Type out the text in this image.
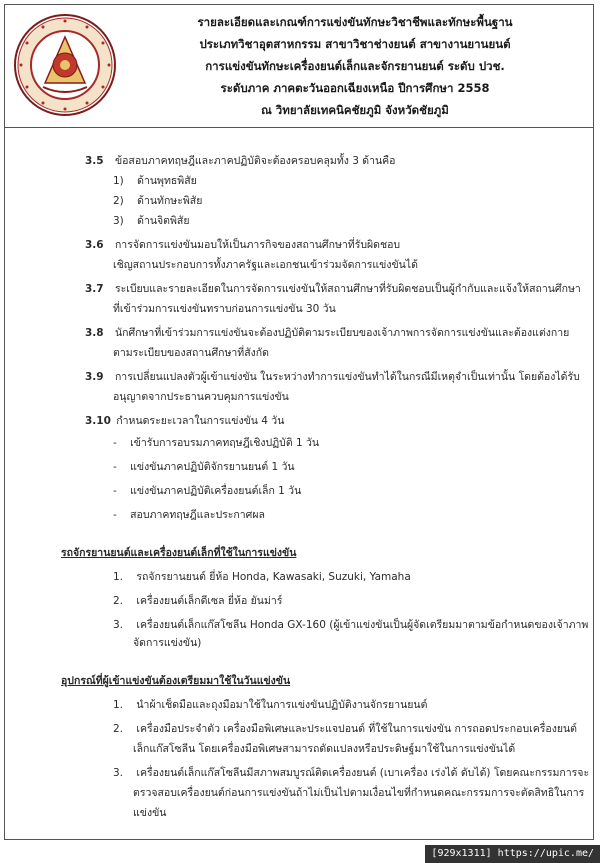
รายละเอียดและเกณฑ์การแข่งขันทักษะวิชาชีพและทักษะพื้นฐาน
ประเภทวิชาอุตสาหกรรม สาขาวิชาช่างยนต์ สาขางานยานยนต์
การแข่งขันทักษะเครื่องยนต์เล็กและจักรยานยนต์ ระดับ ปวช.
ระดับภาค ภาคตะวันออกเฉียงเหนือ ปีการศึกษา 2558
ณ วิทยาลัยเทคนิคชัยภูมิ จังหวัดชัยภูมิ
3.5 ข้อสอบภาคทฤษฎีและภาคปฏิบัติจะต้องครอบคลุมทั้ง 3 ด้านคือ
1) ด้านพุทธพิสัย
2) ด้านทักษะพิสัย
3) ด้านจิตพิสัย
3.6 การจัดการแข่งขันมอบให้เป็นภารกิจของสถานศึกษาที่รับผิดชอบ
เชิญสถานประกอบการทั้งภาครัฐและเอกชนเข้าร่วมจัดการแข่งขันได้
3.7 ระเบียบและรายละเอียดในการจัดการแข่งขันให้สถานศึกษาที่รับผิดชอบเป็นผู้กำกับและแจ้งให้สถานศึกษา
ที่เข้าร่วมการแข่งขันทราบก่อนการแข่งขัน 30 วัน
3.8 นักศึกษาที่เข้าร่วมการแข่งขันจะต้องปฏิบัติตามระเบียบของเจ้าภาพการจัดการแข่งขันและต้องแต่งกาย
ตามระเบียบของสถานศึกษาที่สังกัด
3.9 การเปลี่ยนแปลงตัวผู้เข้าแข่งขัน ในระหว่างทำการแข่งขันทำได้ในกรณีมีเหตุจำเป็นเท่านั้น โดยต้องได้รับ
อนุญาตจากประธานควบคุมการแข่งขัน
3.10 กำหนดระยะเวลาในการแข่งขัน 4 วัน
- เข้ารับการอบรมภาคทฤษฎีเชิงปฏิบัติ 1 วัน
- แข่งขันภาคปฏิบัติจักรยานยนต์ 1 วัน
- แข่งขันภาคปฏิบัติเครื่องยนต์เล็ก 1 วัน
- สอบภาคทฤษฎีและประกาศผล
รถจักรยานยนต์และเครื่องยนต์เล็กที่ใช้ในการแข่งขัน
1. รถจักรยานยนต์ ยี่ห้อ Honda, Kawasaki, Suzuki, Yamaha
2. เครื่องยนต์เล็กดีเซล ยี่ห้อ ยันม่าร์
3. เครื่องยนต์เล็กแก๊สโซลีน Honda GX-160 (ผู้เข้าแข่งขันเป็นผู้จัดเตรียมมาตามข้อกำหนดของเจ้าภาพ
จัดการแข่งขัน)
อุปกรณ์ที่ผู้เข้าแข่งขันต้องเตรียมมาใช้ในวันแข่งขัน
1. นำผ้าเช็ดมือและถุงมือมาใช้ในการแข่งขันปฏิบัติงานจักรยานยนต์
2. เครื่องมือประจำตัว เครื่องมือพิเศษและประแจปอนด์ ที่ใช้ในการแข่งขัน การถอดประกอบเครื่องยนต์
เล็กแก๊สโซลีน โดยเครื่องมือพิเศษสามารถดัดแปลงหรือประดิษฐ์มาใช้ในการแข่งขันได้
3. เครื่องยนต์เล็กแก๊สโซลีนมีสภาพสมบูรณ์ติดเครื่องยนต์ (เบาเครื่อง เร่งได้ ดับได้) โดยคณะกรรมการจะ
ตรวจสอบเครื่องยนต์ก่อนการแข่งขันถ้าไม่เป็นไปตามเงื่อนไขที่กำหนดคณะกรรมการจะตัดสิทธิในการ
แข่งขัน
[929x1311] https://upic.me/
